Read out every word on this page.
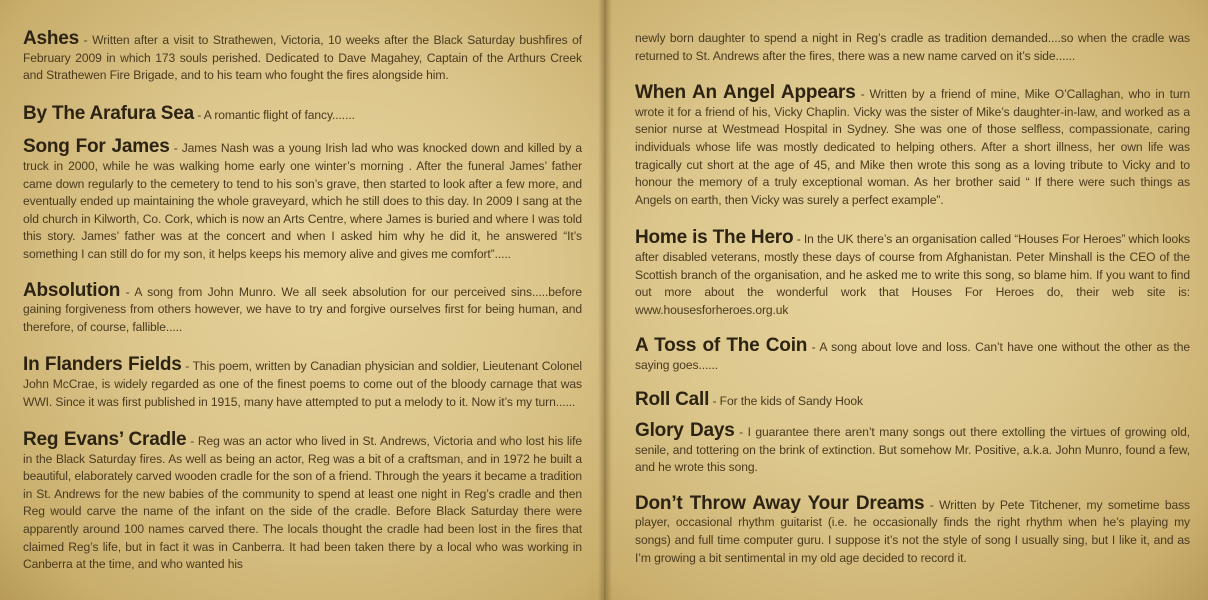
Ashes - Written after a visit to Strathewen, Victoria, 10 weeks after the Black Saturday bushfires of February 2009 in which 173 souls perished. Dedicated to Dave Magahey, Captain of the Arthurs Creek and Strathewen Fire Brigade, and to his team who fought the fires alongside him.

By The Arafura Sea - A romantic flight of fancy.......

Song For James - James Nash was a young Irish lad who was knocked down and killed by a truck in 2000, while he was walking home early one winter’s morning . After the funeral James’ father came down regularly to the cemetery to tend to his son’s grave, then started to look after a few more, and eventually ended up maintaining the whole graveyard, which he still does to this day. In 2009 I sang at the old church in Kilworth, Co. Cork, which is now an Arts Centre, where James is buried and where I was told this story. James’ father was at the concert and when I asked him why he did it, he answered “It’s something I can still do for my son, it helps keeps his memory alive and gives me comfort”.....

Absolution - A song from John Munro. We all seek absolution for our perceived sins.....before gaining forgiveness from others however, we have to try and forgive ourselves first for being human, and therefore, of course, fallible.....

In Flanders Fields - This poem, written by Canadian physician and soldier, Lieutenant Colonel John McCrae, is widely regarded as one of the finest poems to come out of the bloody carnage that was WWI. Since it was first published in 1915, many have attempted to put a melody to it. Now it’s my turn......

Reg Evans’ Cradle - Reg was an actor who lived in St. Andrews, Victoria and who lost his life in the Black Saturday fires. As well as being an actor, Reg was a bit of a craftsman, and in 1972 he built a beautiful, elaborately carved wooden cradle for the son of a friend. Through the years it became a tradition in St. Andrews for the new babies of the community to spend at least one night in Reg’s cradle and then Reg would carve the name of the infant on the side of the cradle. Before Black Saturday there were apparently around 100 names carved there. The locals thought the cradle had been lost in the fires that claimed Reg’s life, but in fact it was in Canberra. It had been taken there by a local who was working in Canberra at the time, and who wanted his

newly born daughter to spend a night in Reg’s cradle as tradition demanded....so when the cradle was returned to St. Andrews after the fires, there was a new name carved on it’s side......

When An Angel Appears - Written by a friend of mine, Mike O’Callaghan, who in turn wrote it for a friend of his, Vicky Chaplin. Vicky was the sister of Mike’s daughter-in-law, and worked as a senior nurse at Westmead Hospital in Sydney. She was one of those selfless, compassionate, caring individuals whose life was mostly dedicated to helping others. After a short illness, her own life was tragically cut short at the age of 45, and Mike then wrote this song as a loving tribute to Vicky and to honour the memory of a truly exceptional woman. As her brother said “ If there were such things as Angels on earth, then Vicky was surely a perfect example”.

Home is The Hero - In the UK there’s an organisation called “Houses For Heroes” which looks after disabled veterans, mostly these days of course from Afghanistan. Peter Minshall is the CEO of the Scottish branch of the organisation, and he asked me to write this song, so blame him. If you want to find out more about the wonderful work that Houses For Heroes do, their web site is: www.housesforheroes.org.uk

A Toss of The Coin - A song about love and loss. Can’t have one without the other as the saying goes......

Roll Call - For the kids of Sandy Hook

Glory Days - I guarantee there aren’t many songs out there extolling the virtues of growing old, senile, and tottering on the brink of extinction. But somehow Mr. Positive, a.k.a. John Munro, found a few, and he wrote this song.

Don’t Throw Away Your Dreams - Written by Pete Titchener, my sometime bass player, occasional rhythm guitarist (i.e. he occasionally finds the right rhythm when he’s playing my songs) and full time computer guru. I suppose it’s not the style of song I usually sing, but I like it, and as I’m growing a bit sentimental in my old age decided to record it.
